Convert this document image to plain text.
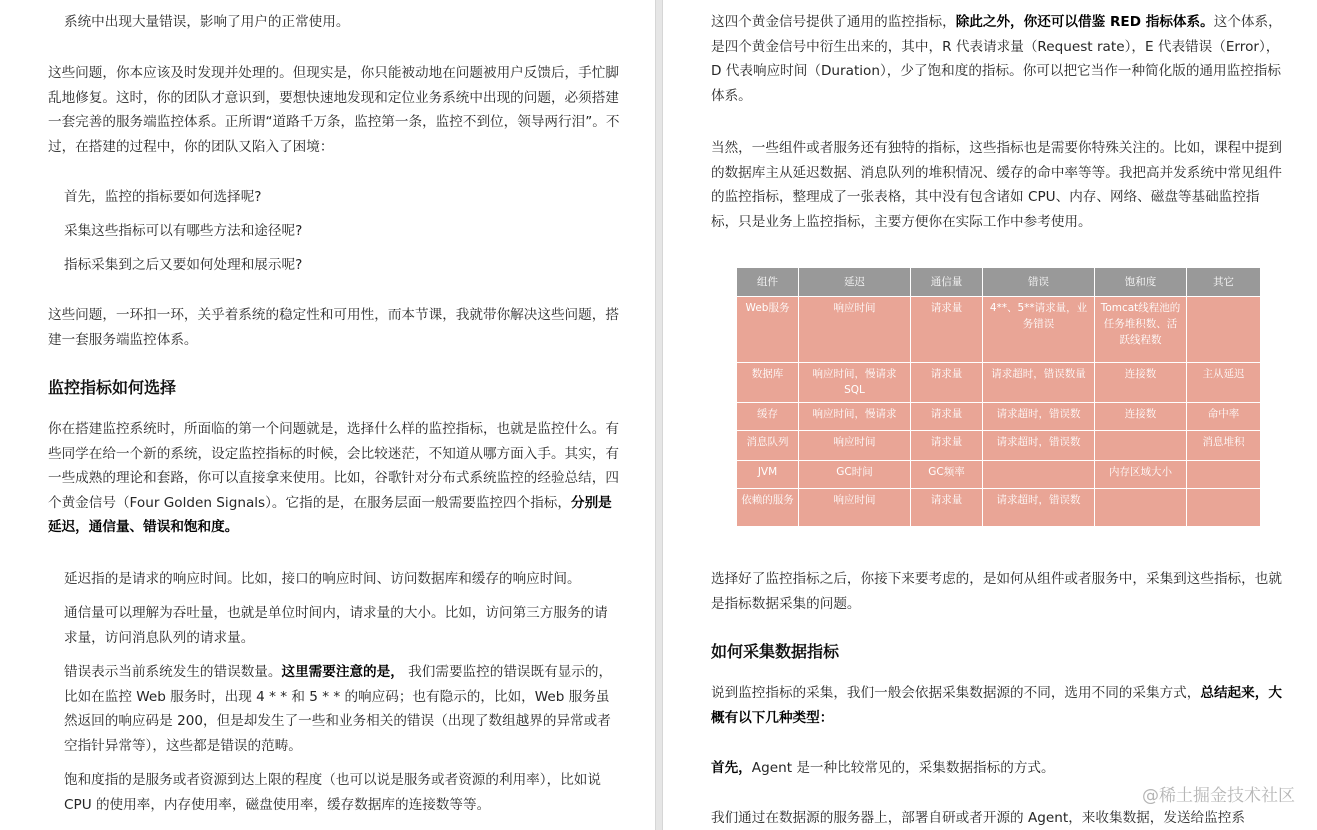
系统中出现大量错误，影响了用户的正常使用。

这些问题，你本应该及时发现并处理的。但现实是，你只能被动地在问题被用户反馈后，手忙脚乱地修复。这时，你的团队才意识到，要想快速地发现和定位业务系统中出现的问题，必须搭建一套完善的服务端监控体系。正所谓“道路千万条，监控第一条，监控不到位，领导两行泪”。不过，在搭建的过程中，你的团队又陷入了困境：

首先，监控的指标要如何选择呢?

采集这些指标可以有哪些方法和途径呢?

指标采集到之后又要如何处理和展示呢?

这些问题，一环扣一环，关乎着系统的稳定性和可用性，而本节课，我就带你解决这些问题，搭建一套服务端监控体系。

监控指标如何选择

你在搭建监控系统时，所面临的第一个问题就是，选择什么样的监控指标，也就是监控什么。有些同学在给一个新的系统，设定监控指标的时候，会比较迷茫，不知道从哪方面入手。其实，有一些成熟的理论和套路，你可以直接拿来使用。比如，谷歌针对分布式系统监控的经验总结，四个黄金信号（Four Golden Signals）。它指的是，在服务层面一般需要监控四个指标，分别是延迟，通信量、错误和饱和度。

延迟指的是请求的响应时间。比如，接口的响应时间、访问数据库和缓存的响应时间。

通信量可以理解为吞吐量，也就是单位时间内，请求量的大小。比如，访问第三方服务的请求量，访问消息队列的请求量。

错误表示当前系统发生的错误数量。这里需要注意的是， 我们需要监控的错误既有显示的，比如在监控 Web 服务时，出现 4 * * 和 5 * * 的响应码；也有隐示的，比如，Web 服务虽然返回的响应码是 200，但是却发生了一些和业务相关的错误（出现了数组越界的异常或者空指针异常等），这些都是错误的范畴。

饱和度指的是服务或者资源到达上限的程度（也可以说是服务或者资源的利用率），比如说 CPU 的使用率，内存使用率，磁盘使用率，缓存数据库的连接数等等。

这四个黄金信号提供了通用的监控指标，除此之外，你还可以借鉴 RED 指标体系。这个体系，是四个黄金信号中衍生出来的，其中，R 代表请求量（Request rate），E 代表错误（Error），D 代表响应时间（Duration），少了饱和度的指标。你可以把它当作一种简化版的通用监控指标体系。

当然，一些组件或者服务还有独特的指标，这些指标也是需要你特殊关注的。比如，课程中提到的数据库主从延迟数据、消息队列的堆积情况、缓存的命中率等等。我把高并发系统中常见组件的监控指标，整理成了一张表格，其中没有包含诸如 CPU、内存、网络、磁盘等基础监控指标，只是业务上监控指标，主要方便你在实际工作中参考使用。

组件	延迟	通信量	错误	饱和度	其它
Web服务	响应时间	请求量	4**、5**请求量，业务错误	Tomcat线程池的任务堆积数、活跃线程数	
数据库	响应时间，慢请求SQL	请求量	请求超时，错误数量	连接数	主从延迟
缓存	响应时间，慢请求	请求量	请求超时，错误数	连接数	命中率
消息队列	响应时间	请求量	请求超时，错误数		消息堆积
JVM	GC时间	GC频率		内存区域大小	
依赖的服务	响应时间	请求量	请求超时，错误数		

选择好了监控指标之后，你接下来要考虑的，是如何从组件或者服务中，采集到这些指标，也就是指标数据采集的问题。

如何采集数据指标

说到监控指标的采集，我们一般会依据采集数据源的不同，选用不同的采集方式，总结起来，大概有以下几种类型：

首先，Agent 是一种比较常见的，采集数据指标的方式。

我们通过在数据源的服务器上，部署自研或者开源的 Agent，来收集数据，发送给监控系

@稀土掘金技术社区
